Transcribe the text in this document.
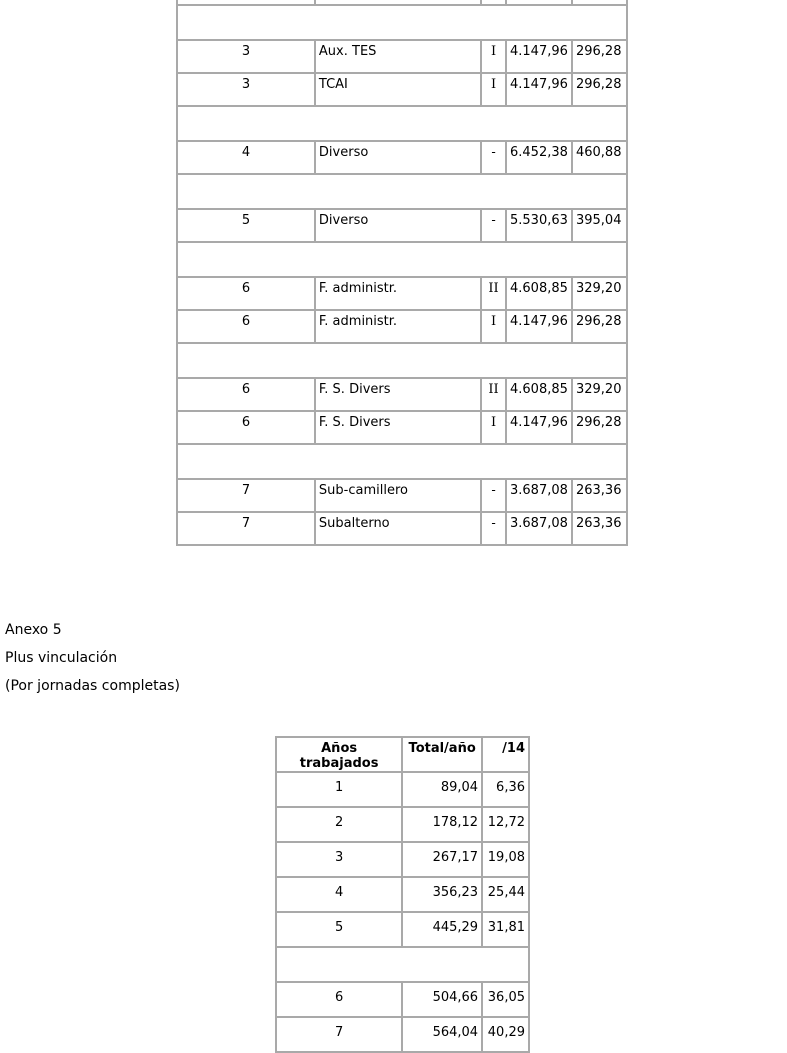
3	Aux. TES	I	4.147,96	296,28
3	TCAI	I	4.147,96	296,28

4	Diverso	-	6.452,38	460,88

5	Diverso	-	5.530,63	395,04

6	F. administr.	II	4.608,85	329,20
6	F. administr.	I	4.147,96	296,28

6	F. S. Divers	II	4.608,85	329,20
6	F. S. Divers	I	4.147,96	296,28

7	Sub-camillero	-	3.687,08	263,36
7	Subalterno	-	3.687,08	263,36
Anexo 5
Plus vinculación
(Por jornadas completas)
Años trabajados	Total/año	/14
1	89,04	6,36
2	178,12	12,72
3	267,17	19,08
4	356,23	25,44
5	445,29	31,81

6	504,66	36,05
7	564,04	40,29
